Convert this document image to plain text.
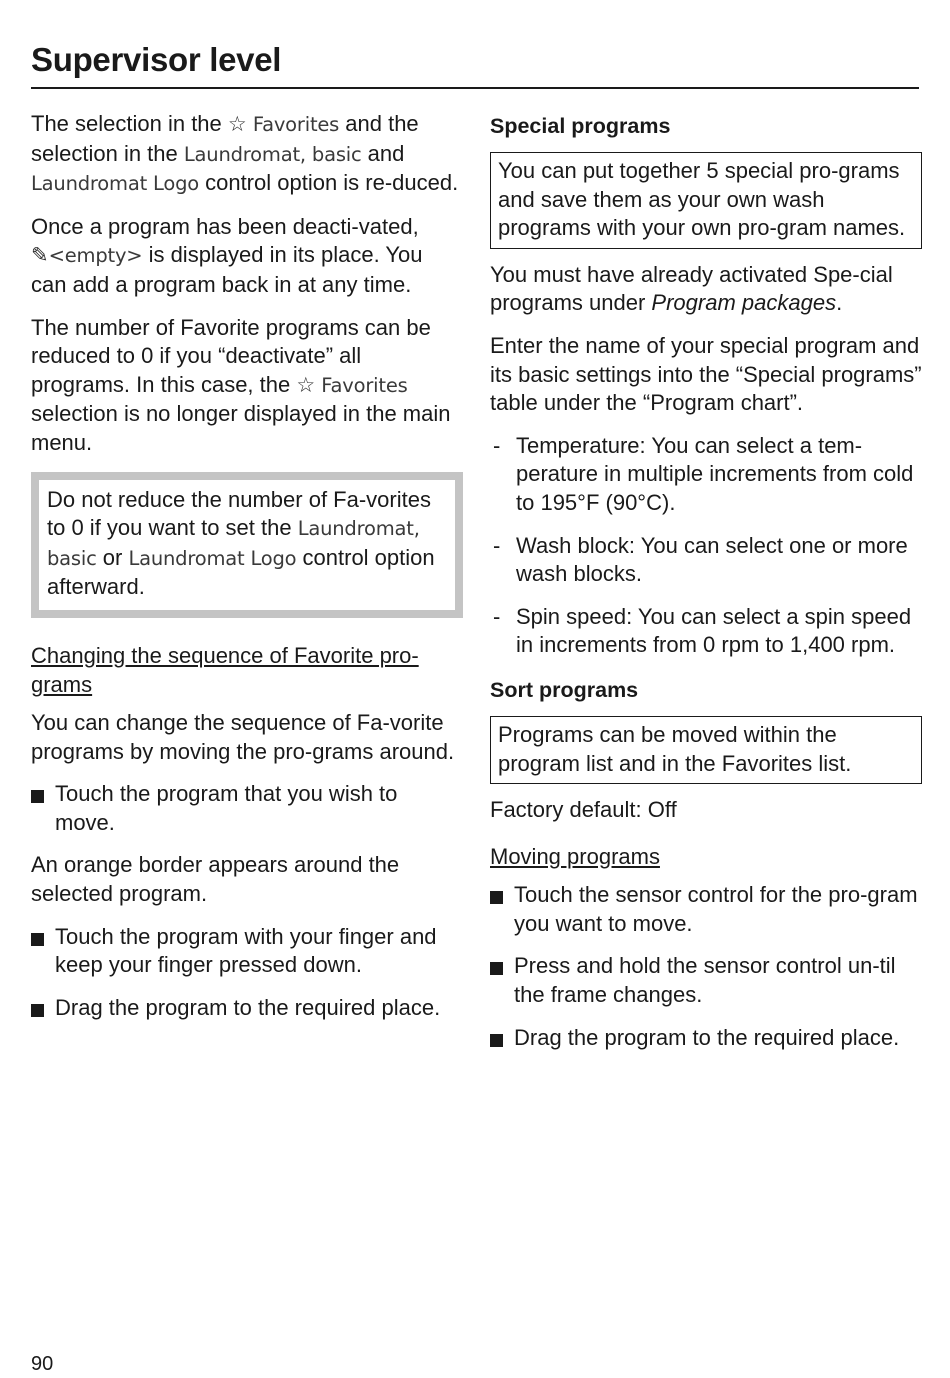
Supervisor level

The selection in the ☆ Favorites and the selection in the Laundromat, basic and Laundromat Logo control option is re-duced.

Once a program has been deacti-vated, ✎<empty> is displayed in its place. You can add a program back in at any time.

The number of Favorite programs can be reduced to 0 if you “deactivate” all programs. In this case, the ☆ Favorites selection is no longer displayed in the main menu.

Do not reduce the number of Fa-vorites to 0 if you want to set the Laundromat, basic or Laundromat Logo control option afterward.

Changing the sequence of Favorite pro-grams

You can change the sequence of Fa-vorite programs by moving the pro-grams around.

Touch the program that you wish to move.

An orange border appears around the selected program.

Touch the program with your finger and keep your finger pressed down.
Drag the program to the required place.
Special programs
You can put together 5 special pro-grams and save them as your own wash programs with your own pro-gram names.

You must have already activated Spe-cial programs under Program packages.

Enter the name of your special program and its basic settings into the “Special programs” table under the “Program chart”.

- Temperature: You can select a tem-perature in multiple increments from cold to 195°F (90°C).
- Wash block: You can select one or more wash blocks.
- Spin speed: You can select a spin speed in increments from 0 rpm to 1,400 rpm.
Sort programs
Programs can be moved within the program list and in the Favorites list.

Factory default: Off

Moving programs

Touch the sensor control for the pro-gram you want to move.
Press and hold the sensor control un-til the frame changes.
Drag the program to the required place.
90
